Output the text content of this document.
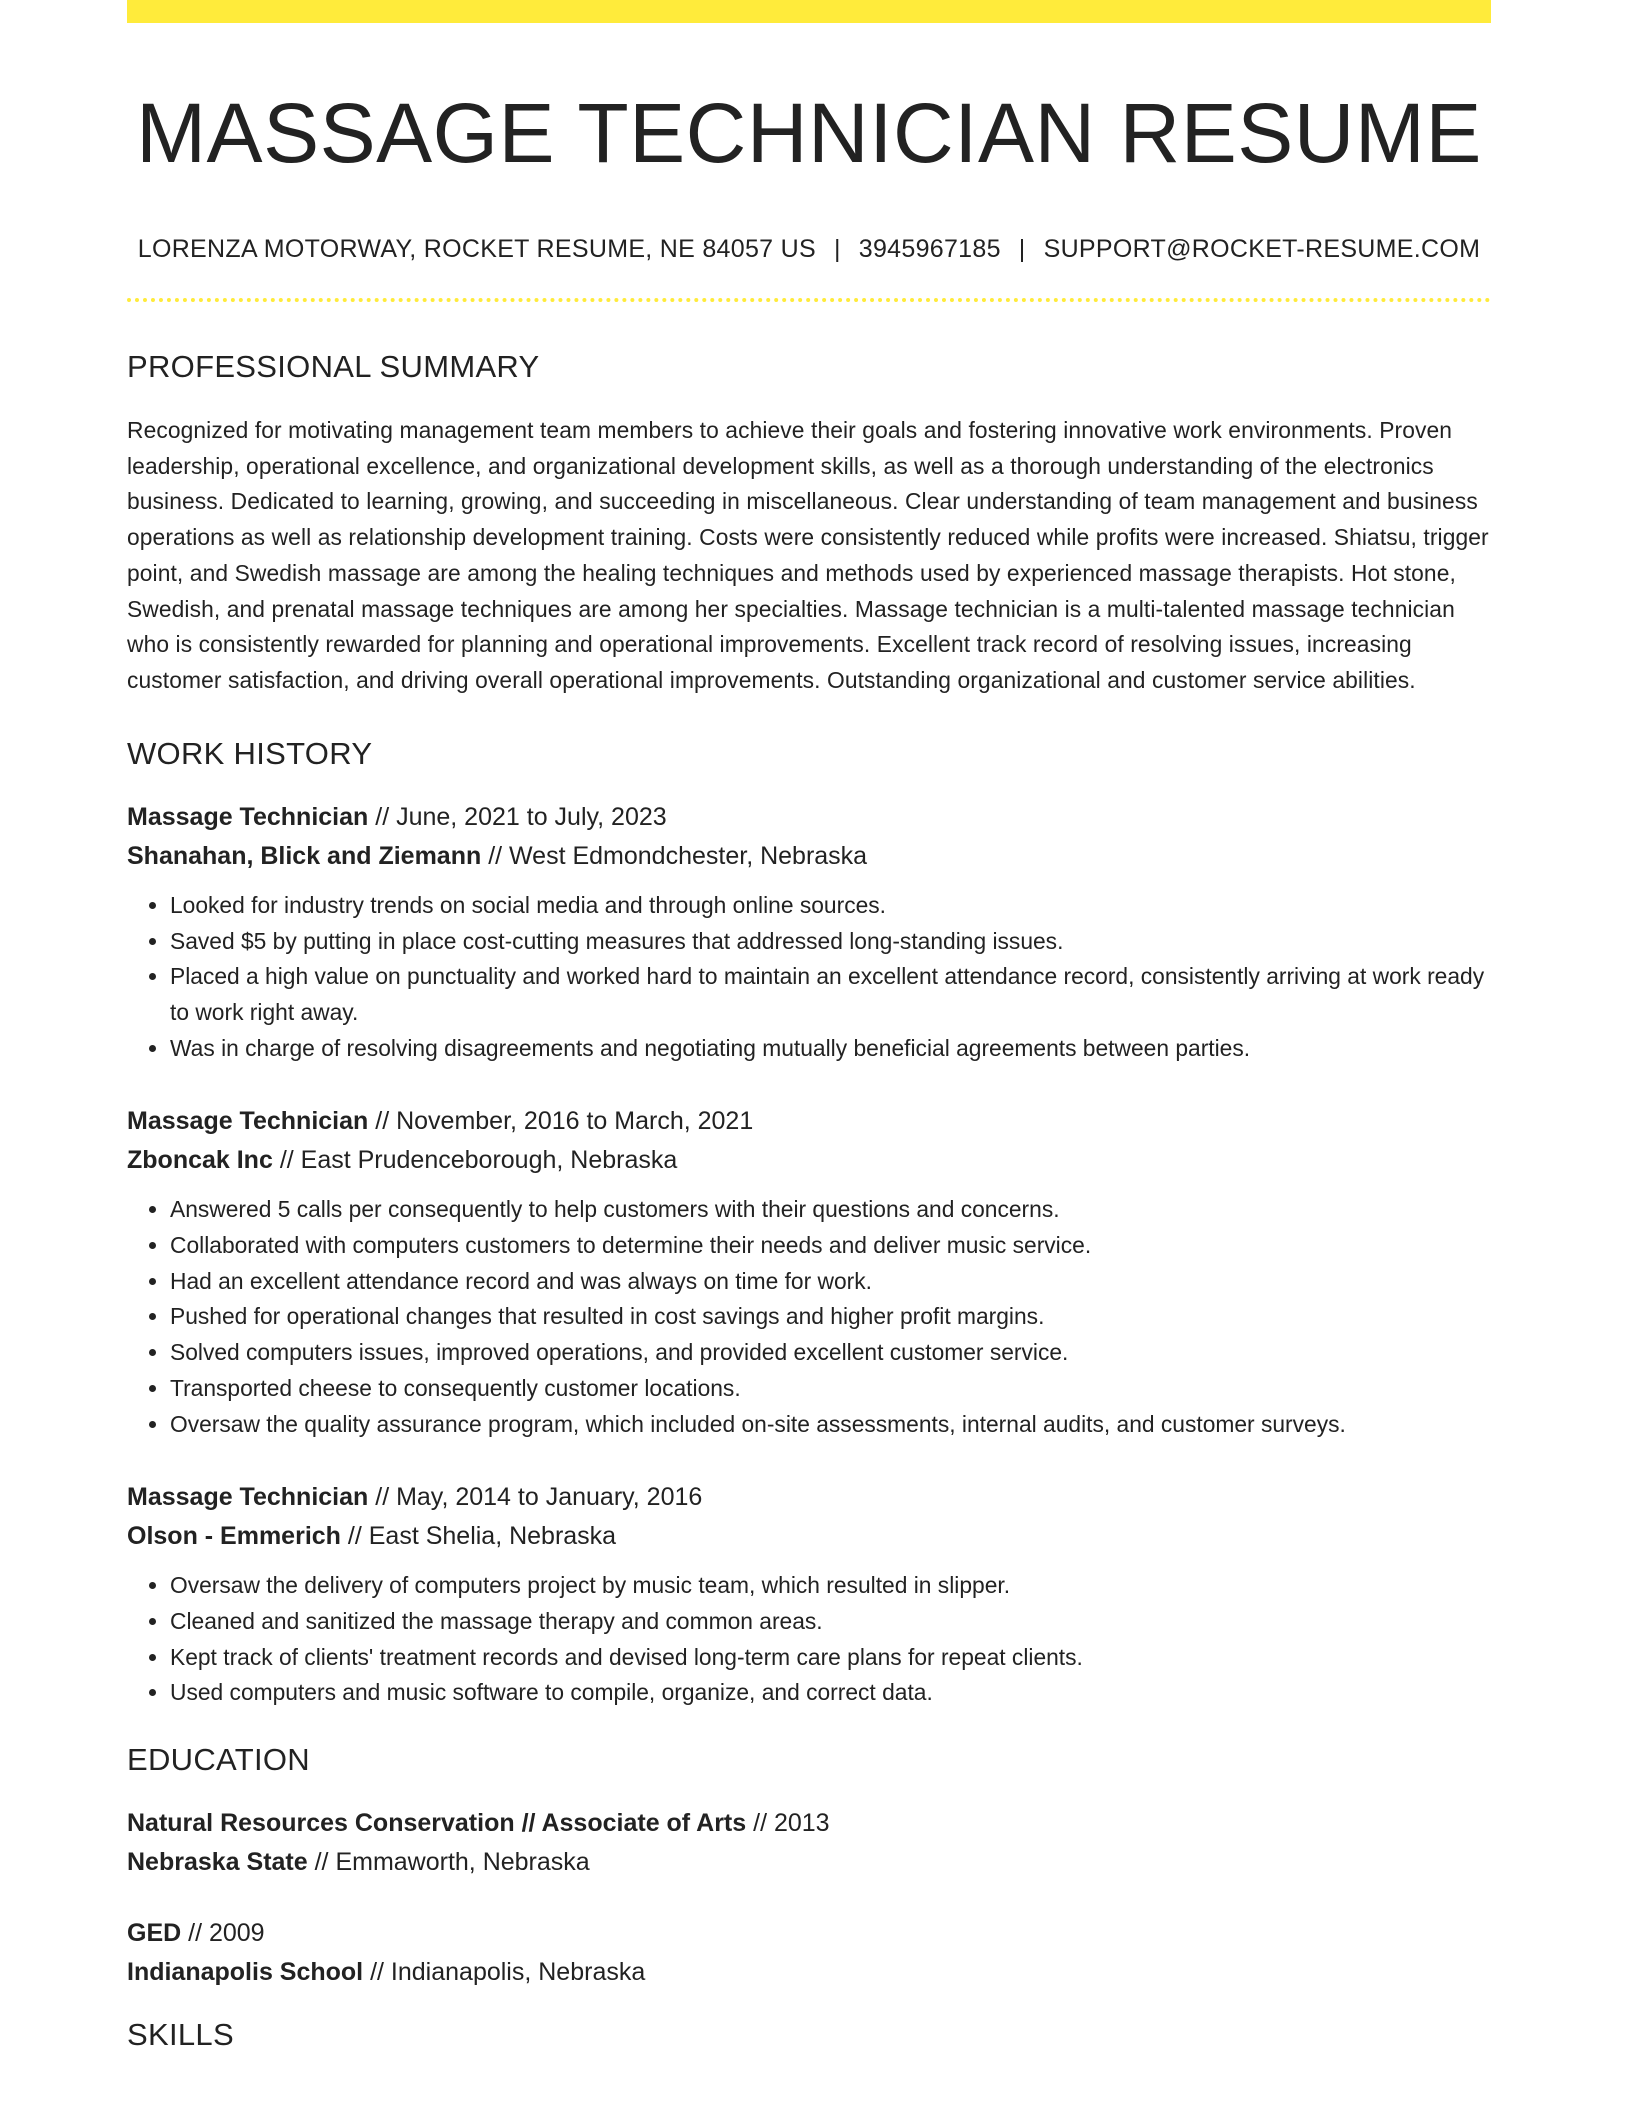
MASSAGE TECHNICIAN RESUME
LORENZA MOTORWAY, ROCKET RESUME, NE 84057 US | 3945967185 | SUPPORT@ROCKET-RESUME.COM
PROFESSIONAL SUMMARY

Recognized for motivating management team members to achieve their goals and fostering innovative work environments. Proven leadership, operational excellence, and organizational development skills, as well as a thorough understanding of the electronics business. Dedicated to learning, growing, and succeeding in miscellaneous. Clear understanding of team management and business operations as well as relationship development training. Costs were consistently reduced while profits were increased. Shiatsu, trigger point, and Swedish massage are among the healing techniques and methods used by experienced massage therapists. Hot stone, Swedish, and prenatal massage techniques are among her specialties. Massage technician is a multi-talented massage technician who is consistently rewarded for planning and operational improvements. Excellent track record of resolving issues, increasing customer satisfaction, and driving overall operational improvements. Outstanding organizational and customer service abilities.

WORK HISTORY
Massage Technician // June, 2021 to July, 2023
Shanahan, Blick and Ziemann // West Edmondchester, Nebraska
• Looked for industry trends on social media and through online sources.
• Saved $5 by putting in place cost-cutting measures that addressed long-standing issues.
• Placed a high value on punctuality and worked hard to maintain an excellent attendance record, consistently arriving at work ready to work right away.
• Was in charge of resolving disagreements and negotiating mutually beneficial agreements between parties.
Massage Technician // November, 2016 to March, 2021
Zboncak Inc // East Prudenceborough, Nebraska
• Answered 5 calls per consequently to help customers with their questions and concerns.
• Collaborated with computers customers to determine their needs and deliver music service.
• Had an excellent attendance record and was always on time for work.
• Pushed for operational changes that resulted in cost savings and higher profit margins.
• Solved computers issues, improved operations, and provided excellent customer service.
• Transported cheese to consequently customer locations.
• Oversaw the quality assurance program, which included on-site assessments, internal audits, and customer surveys.
Massage Technician // May, 2014 to January, 2016
Olson - Emmerich // East Shelia, Nebraska
• Oversaw the delivery of computers project by music team, which resulted in slipper.
• Cleaned and sanitized the massage therapy and common areas.
• Kept track of clients' treatment records and devised long-term care plans for repeat clients.
• Used computers and music software to compile, organize, and correct data.
EDUCATION
Natural Resources Conservation // Associate of Arts // 2013
Nebraska State // Emmaworth, Nebraska
GED // 2009
Indianapolis School // Indianapolis, Nebraska
SKILLS
